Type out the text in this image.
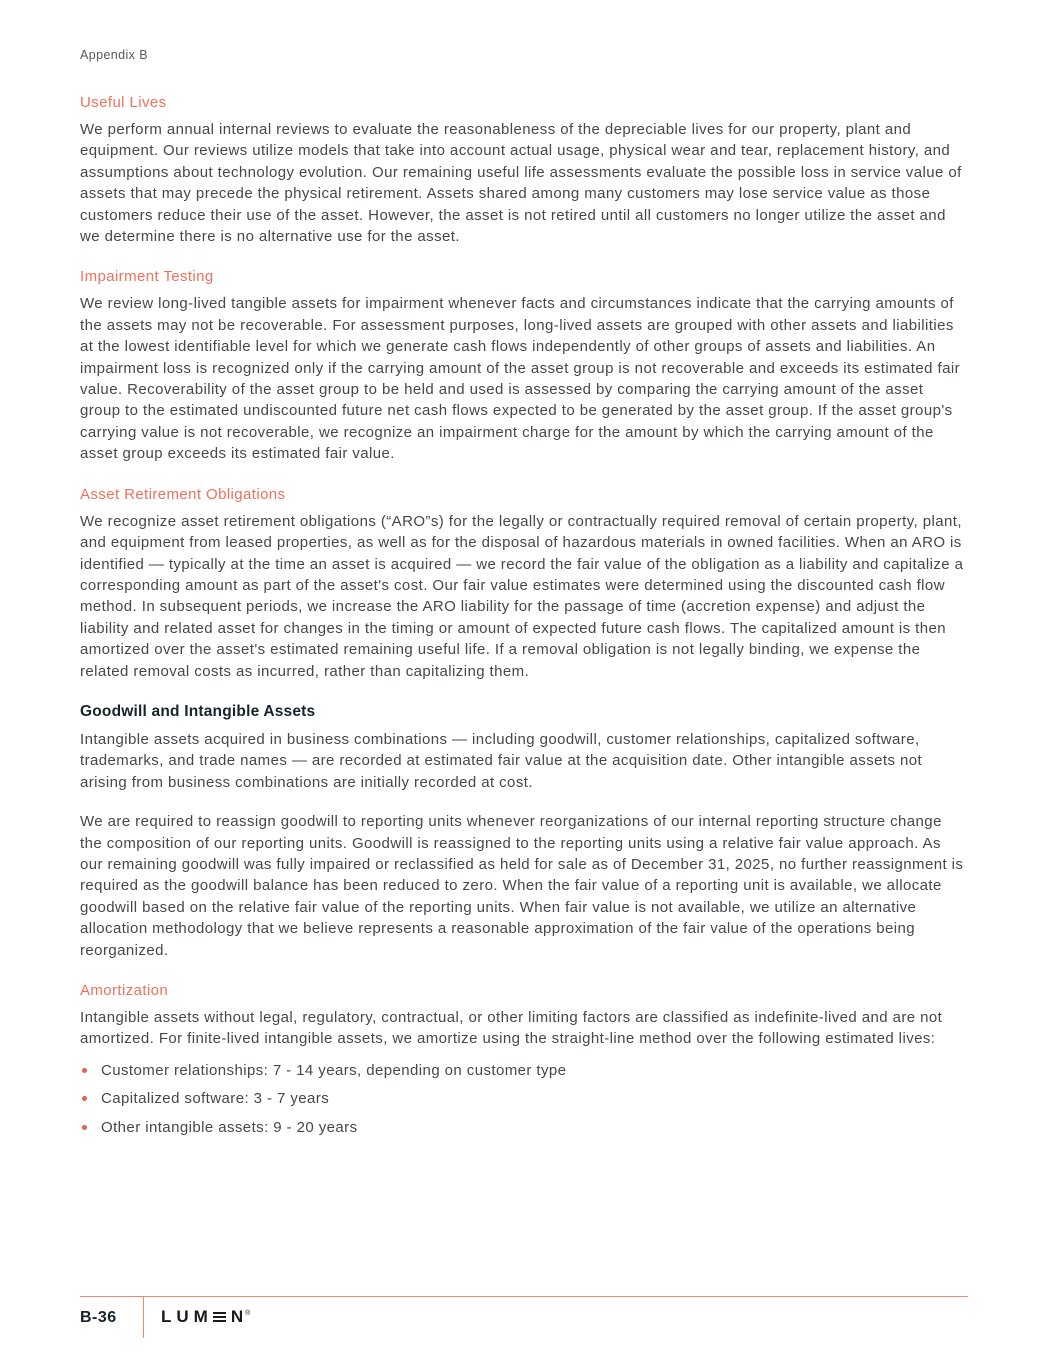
Appendix B
Useful Lives

We perform annual internal reviews to evaluate the reasonableness of the depreciable lives for our property, plant and equipment. Our reviews utilize models that take into account actual usage, physical wear and tear, replacement history, and assumptions about technology evolution. Our remaining useful life assessments evaluate the possible loss in service value of assets that may precede the physical retirement. Assets shared among many customers may lose service value as those customers reduce their use of the asset. However, the asset is not retired until all customers no longer utilize the asset and we determine there is no alternative use for the asset.

Impairment Testing

We review long-lived tangible assets for impairment whenever facts and circumstances indicate that the carrying amounts of the assets may not be recoverable. For assessment purposes, long-lived assets are grouped with other assets and liabilities at the lowest identifiable level for which we generate cash flows independently of other groups of assets and liabilities. An impairment loss is recognized only if the carrying amount of the asset group is not recoverable and exceeds its estimated fair value. Recoverability of the asset group to be held and used is assessed by comparing the carrying amount of the asset group to the estimated undiscounted future net cash flows expected to be generated by the asset group. If the asset group's carrying value is not recoverable, we recognize an impairment charge for the amount by which the carrying amount of the asset group exceeds its estimated fair value.

Asset Retirement Obligations

We recognize asset retirement obligations (“ARO”s) for the legally or contractually required removal of certain property, plant, and equipment from leased properties, as well as for the disposal of hazardous materials in owned facilities. When an ARO is identified — typically at the time an asset is acquired — we record the fair value of the obligation as a liability and capitalize a corresponding amount as part of the asset's cost. Our fair value estimates were determined using the discounted cash flow method. In subsequent periods, we increase the ARO liability for the passage of time (accretion expense) and adjust the liability and related asset for changes in the timing or amount of expected future cash flows. The capitalized amount is then amortized over the asset's estimated remaining useful life. If a removal obligation is not legally binding, we expense the related removal costs as incurred, rather than capitalizing them.

Goodwill and Intangible Assets

Intangible assets acquired in business combinations — including goodwill, customer relationships, capitalized software, trademarks, and trade names — are recorded at estimated fair value at the acquisition date. Other intangible assets not arising from business combinations are initially recorded at cost.

We are required to reassign goodwill to reporting units whenever reorganizations of our internal reporting structure change the composition of our reporting units. Goodwill is reassigned to the reporting units using a relative fair value approach. As our remaining goodwill was fully impaired or reclassified as held for sale as of December 31, 2025, no further reassignment is required as the goodwill balance has been reduced to zero. When the fair value of a reporting unit is available, we allocate goodwill based on the relative fair value of the reporting units. When fair value is not available, we utilize an alternative allocation methodology that we believe represents a reasonable approximation of the fair value of the operations being reorganized.

Amortization

Intangible assets without legal, regulatory, contractual, or other limiting factors are classified as indefinite-lived and are not amortized. For finite-lived intangible assets, we amortize using the straight-line method over the following estimated lives:

Customer relationships: 7 - 14 years, depending on customer type
Capitalized software: 3 - 7 years
Other intangible assets: 9 - 20 years
B-36	LUM N ®
